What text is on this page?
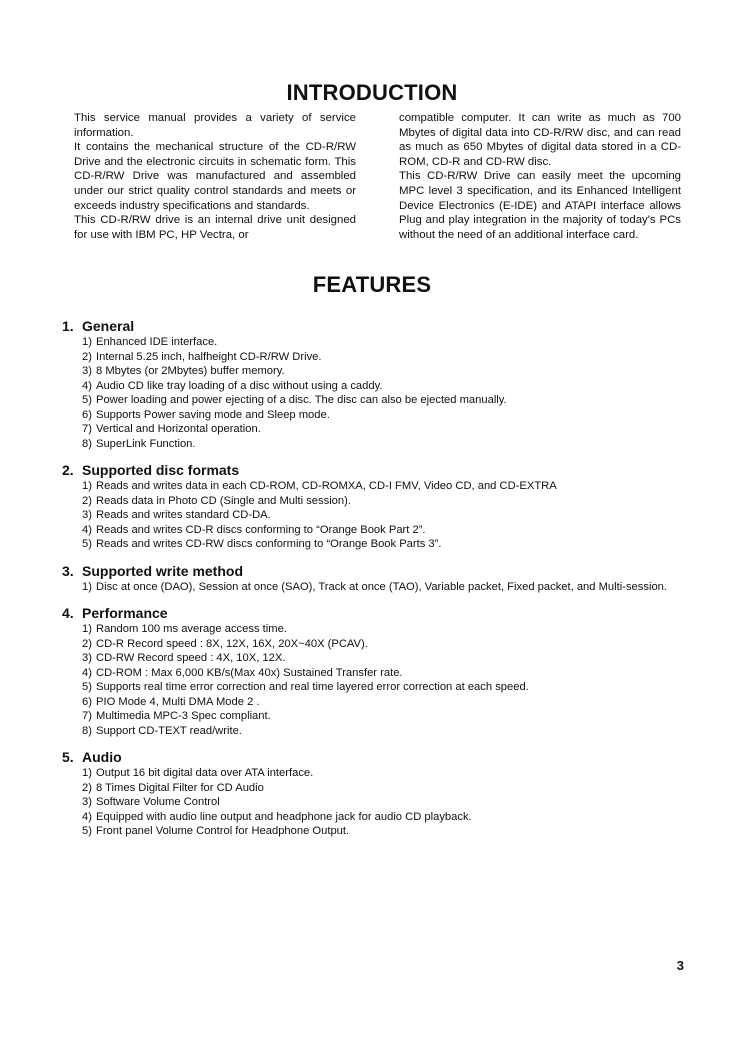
INTRODUCTION

This service manual provides a variety of service information.

It contains the mechanical structure of the CD-R/RW Drive and the electronic circuits in schematic form. This CD-R/RW Drive was manufactured and assembled under our strict quality control standards and meets or exceeds industry specifications and standards.

This CD-R/RW drive is an internal drive unit designed for use with IBM PC, HP Vectra, or

compatible computer. It can write as much as 700 Mbytes of digital data into CD-R/RW disc, and can read as much as 650 Mbytes of digital data stored in a CD-ROM, CD-R and CD-RW disc.

This CD-R/RW Drive can easily meet the upcoming MPC level 3 specification, and its Enhanced Intelligent Device Electronics (E-IDE) and ATAPI interface allows Plug and play integration in the majority of today's PCs without the need of an additional interface card.

FEATURES
1. General
1) Enhanced IDE interface.
2) Internal 5.25 inch, halfheight CD-R/RW Drive.
3) 8 Mbytes (or 2Mbytes) buffer memory.
4) Audio CD like tray loading of a disc without using a caddy.
5) Power loading and power ejecting of a disc. The disc can also be ejected manually.
6) Supports Power saving mode and Sleep mode.
7) Vertical and Horizontal operation.
8) SuperLink Function.
2. Supported disc formats
1) Reads and writes data in each CD-ROM, CD-ROMXA, CD-I FMV, Video CD, and CD-EXTRA
2) Reads data in Photo CD (Single and Multi session).
3) Reads and writes standard CD-DA.
4) Reads and writes CD-R discs conforming to “Orange Book Part 2”.
5) Reads and writes CD-RW discs conforming to “Orange Book Parts 3”.
3. Supported write method
1) Disc at once (DAO), Session at once (SAO), Track at once (TAO), Variable packet, Fixed packet, and Multi-session.
4. Performance
1) Random 100 ms average access time.
2) CD-R Record speed : 8X, 12X, 16X, 20X~40X (PCAV).
3) CD-RW Record speed : 4X, 10X, 12X.
4) CD-ROM : Max 6,000 KB/s(Max 40x) Sustained Transfer rate.
5) Supports real time error correction and real time layered error correction at each speed.
6) PIO Mode 4, Multi DMA Mode 2 .
7) Multimedia MPC-3 Spec compliant.
8) Support CD-TEXT read/write.
5. Audio
1) Output 16 bit digital data over ATA interface.
2) 8 Times Digital Filter for CD Audio
3) Software Volume Control
4) Equipped with audio line output and headphone jack for audio CD playback.
5) Front panel Volume Control for Headphone Output.
3
